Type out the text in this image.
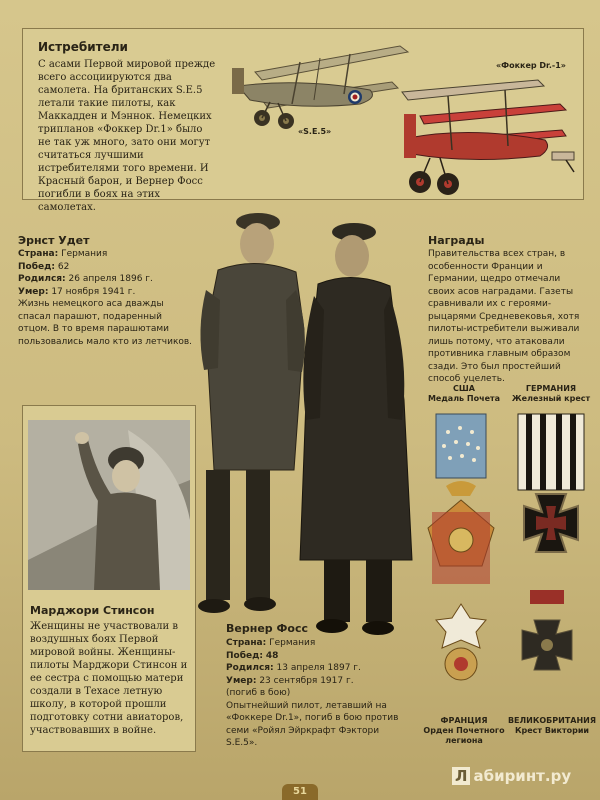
Истребители
С асами Первой мировой прежде всего ассоциируются два самолета. На британских S.E.5 летали такие пилоты, как Маккадден и Мэннок. Немецких трипланов «Фоккер Dr.1» было не так уж много, зато они могут считаться лучшими истребителями того времени. И Красный барон, и Вернер Фосс погибли в боях на этих самолетах.
«S.E.5»
«Фоккер Dr.-1»
Эрнст Удет
Страна: Германия
Побед: 62
Родился: 26 апреля 1896 г.
Умер: 17 ноября 1941 г.
Жизнь немецкого аса дважды спасал парашют, подаренный отцом. В то время парашютами пользовались мало кто из летчиков.
Награды
Правительства всех стран, в особенности Франции и Германии, щедро отмечали своих асов наградами. Газеты сравнивали их с героями-рыцарями Средневековья, хотя пилоты-истребители выживали лишь потому, что атаковали противника главным образом сзади. Это был простейший способ уцелеть.
США
Медаль Почета
ГЕРМАНИЯ
Железный крест
ФРАНЦИЯ
Орден Почетного легиона
ВЕЛИКОБРИТАНИЯ
Крест Виктории
Марджори Стинсон
Женщины не участвовали в воздушных боях Первой мировой войны. Женщины-пилоты Марджори Стинсон и ее сестра с помощью матери создали в Техасе летную школу, в которой прошли подготовку сотни авиаторов, участвовавших в войне.
Вернер Фосс
Страна: Германия
Побед: 48
Родился: 13 апреля 1897 г.
Умер: 23 сентября 1917 г.
(погиб в бою)
Опытнейший пилот, летавший на «Фоккере Dr.1», погиб в бою против семи «Ройял Эйркрафт Фэктори S.E.5».
Л абиринт.ру
51
